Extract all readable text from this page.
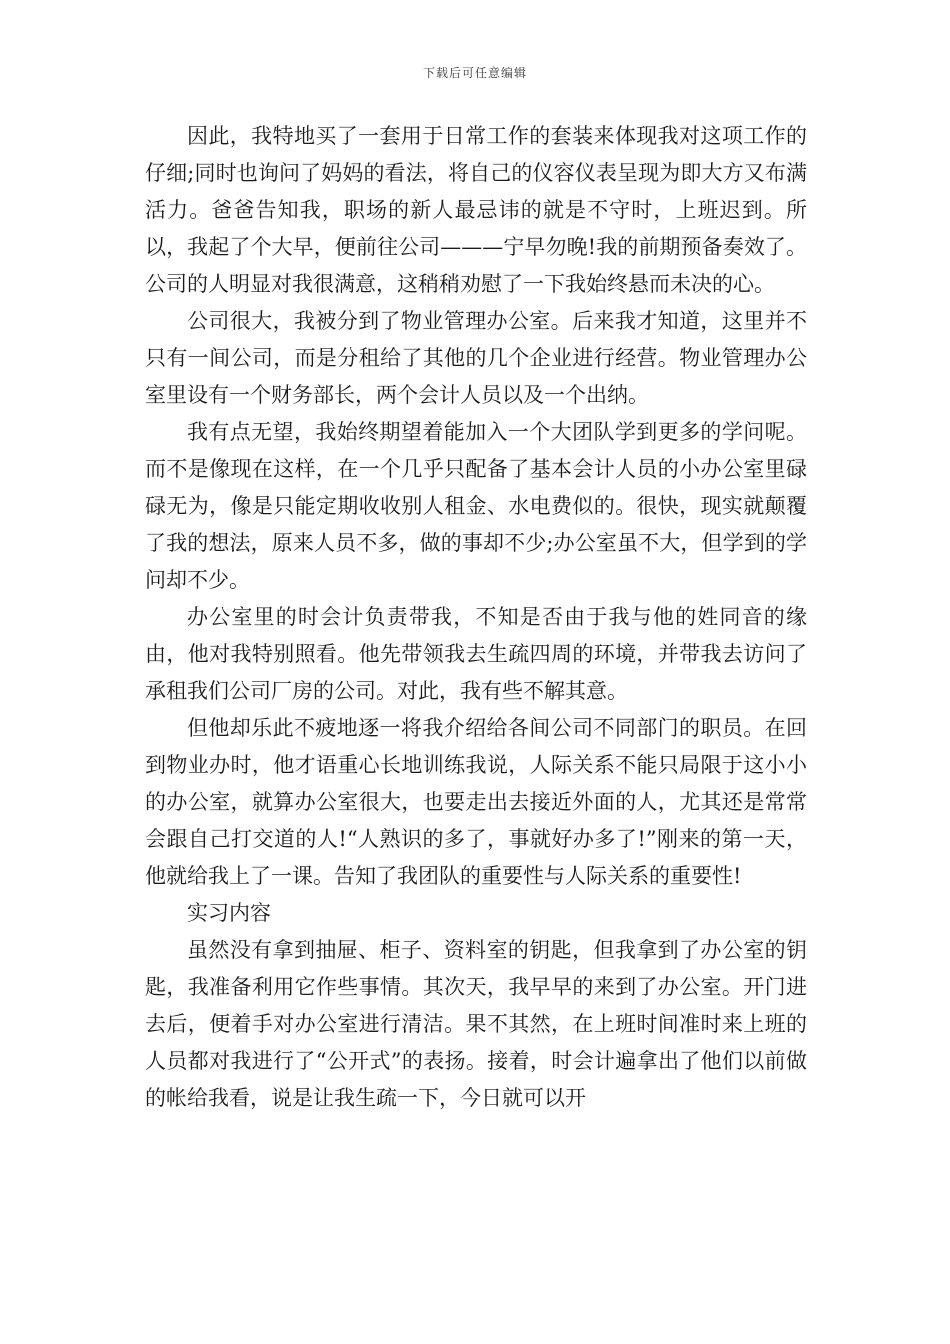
下载后可任意编辑

因此，我特地买了一套用于日常工作的套装来体现我对这项工作的仔细;同时也询问了妈妈的看法，将自己的仪容仪表呈现为即大方又布满活力。爸爸告知我，职场的新人最忌讳的就是不守时，上班迟到。所以，我起了个大早，便前往公司———宁早勿晚!我的前期预备奏效了。公司的人明显对我很满意，这稍稍劝慰了一下我始终悬而未决的心。

公司很大，我被分到了物业管理办公室。后来我才知道，这里并不只有一间公司，而是分租给了其他的几个企业进行经营。物业管理办公室里设有一个财务部长，两个会计人员以及一个出纳。

我有点无望，我始终期望着能加入一个大团队学到更多的学问呢。而不是像现在这样，在一个几乎只配备了基本会计人员的小办公室里碌碌无为，像是只能定期收收别人租金、水电费似的。很快，现实就颠覆了我的想法，原来人员不多，做的事却不少;办公室虽不大，但学到的学问却不少。

办公室里的时会计负责带我，不知是否由于我与他的姓同音的缘由，他对我特别照看。他先带领我去生疏四周的环境，并带我去访问了承租我们公司厂房的公司。对此，我有些不解其意。

但他却乐此不疲地逐一将我介绍给各间公司不同部门的职员。在回到物业办时，他才语重心长地训练我说，人际关系不能只局限于这小小的办公室，就算办公室很大，也要走出去接近外面的人，尤其还是常常会跟自己打交道的人!“人熟识的多了，事就好办多了!”刚来的第一天，他就给我上了一课。告知了我团队的重要性与人际关系的重要性!

实习内容

虽然没有拿到抽屉、柜子、资料室的钥匙，但我拿到了办公室的钥匙，我准备利用它作些事情。其次天，我早早的来到了办公室。开门进去后，便着手对办公室进行清洁。果不其然，在上班时间准时来上班的人员都对我进行了“公开式”的表扬。接着，时会计遍拿出了他们以前做的帐给我看，说是让我生疏一下，今日就可以开
